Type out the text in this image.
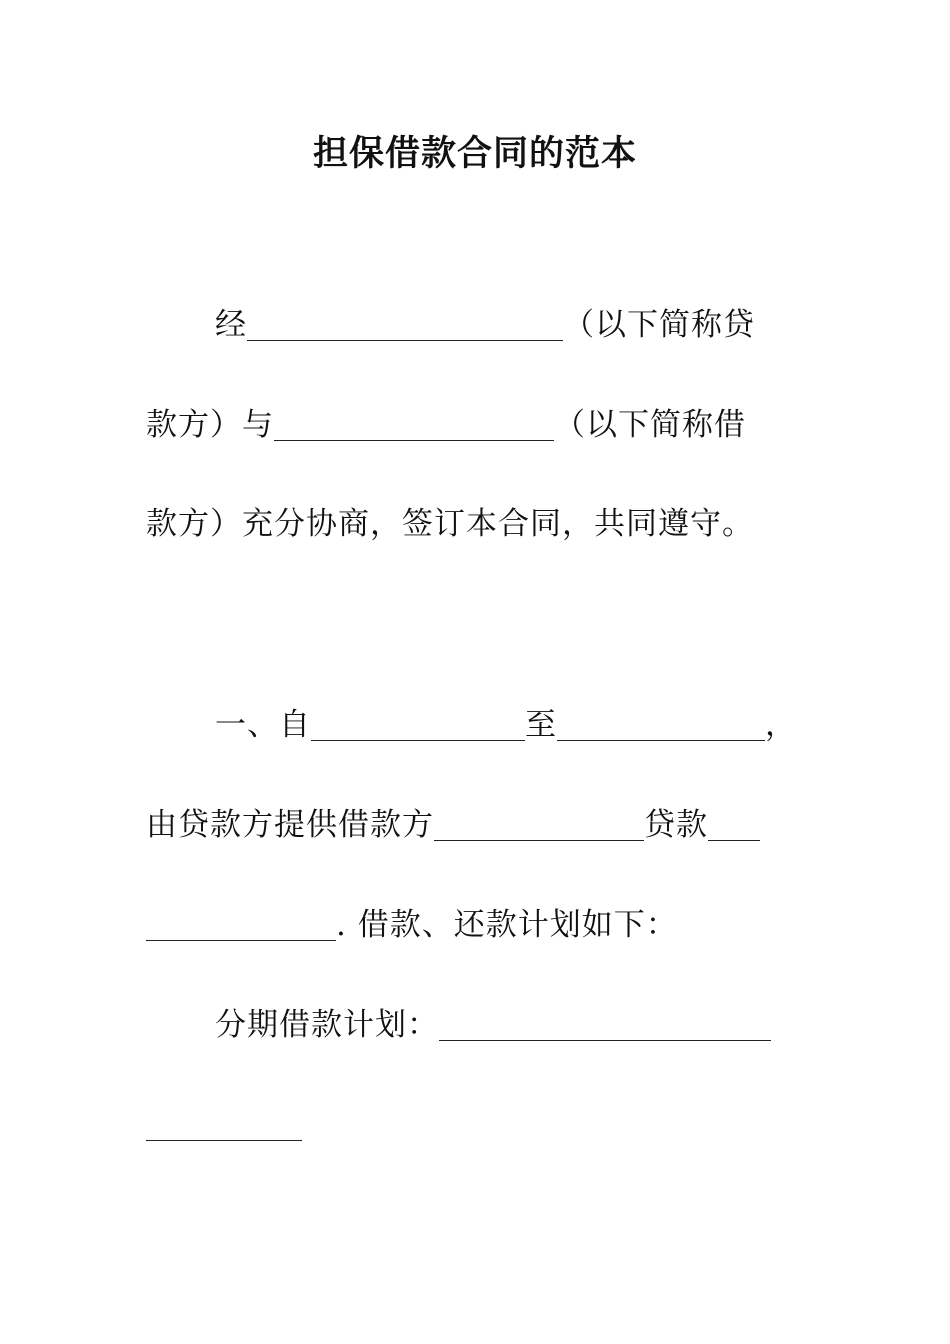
担保借款合同的范本
经	（以下简称贷
款方）与	（以下简称借
款方）充分协商，签订本合同，共同遵守。
一、自	至	，
由贷款方提供借款方	贷款
. 借款、还款计划如下：
分期借款计划：
